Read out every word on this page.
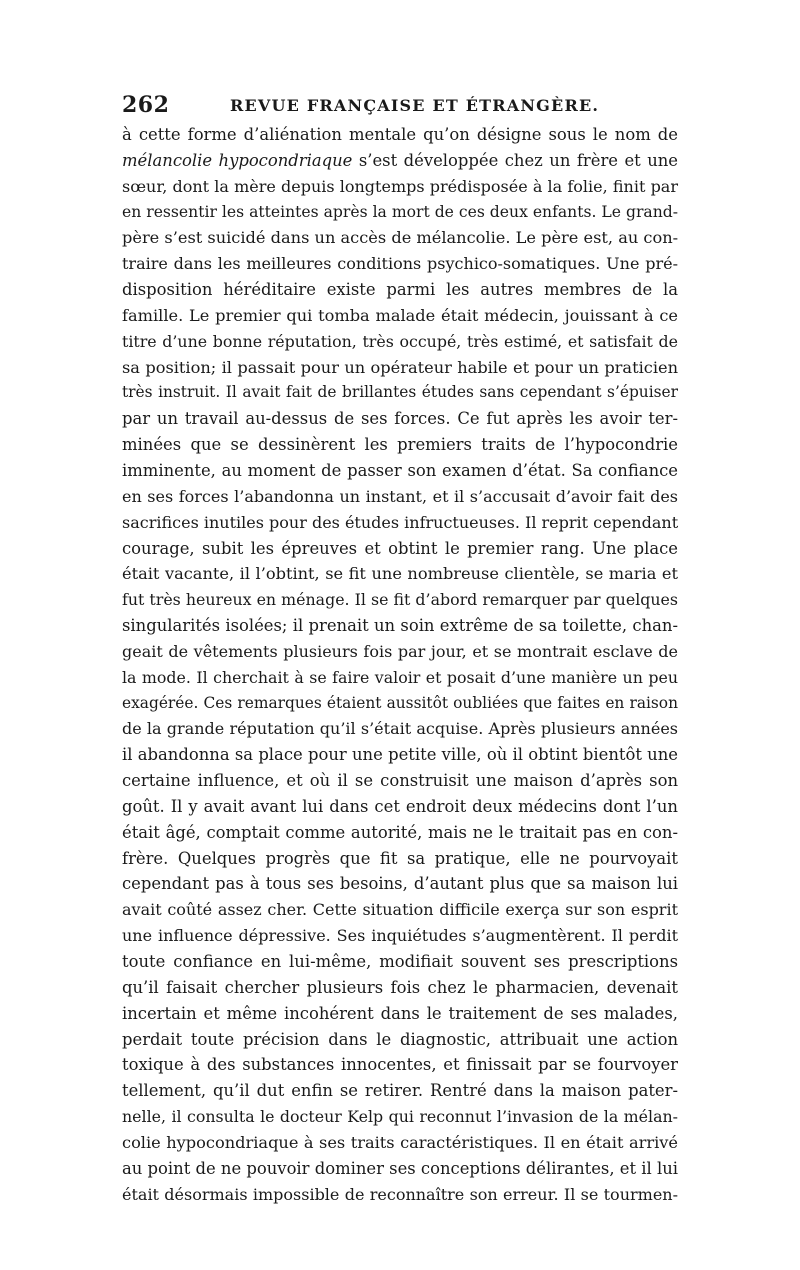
262	REVUE FRANÇAISE ET ÉTRANGÈRE.
à cette forme d’aliénation mentale qu’on désigne sous le nom de
mélancolie hypocondriaque s’est développée chez un frère et une
sœur, dont la mère depuis longtemps prédisposée à la folie, finit par
en ressentir les atteintes après la mort de ces deux enfants. Le grand-
père s’est suicidé dans un accès de mélancolie. Le père est, au con-
traire dans les meilleures conditions psychico-somatiques. Une pré-
disposition héréditaire existe parmi les autres membres de la
famille. Le premier qui tomba malade était médecin, jouissant à ce
titre d’une bonne réputation, très occupé, très estimé, et satisfait de
sa position; il passait pour un opérateur habile et pour un praticien
très instruit. Il avait fait de brillantes études sans cependant s’épuiser
par un travail au-dessus de ses forces. Ce fut après les avoir ter-
minées que se dessinèrent les premiers traits de l’hypocondrie
imminente, au moment de passer son examen d’état. Sa confiance
en ses forces l’abandonna un instant, et il s’accusait d’avoir fait des
sacrifices inutiles pour des études infructueuses. Il reprit cependant
courage, subit les épreuves et obtint le premier rang. Une place
était vacante, il l’obtint, se fit une nombreuse clientèle, se maria et
fut très heureux en ménage. Il se fit d’abord remarquer par quelques
singularités isolées; il prenait un soin extrême de sa toilette, chan-
geait de vêtements plusieurs fois par jour, et se montrait esclave de
la mode. Il cherchait à se faire valoir et posait d’une manière un peu
exagérée. Ces remarques étaient aussitôt oubliées que faites en raison
de la grande réputation qu’il s’était acquise. Après plusieurs années
il abandonna sa place pour une petite ville, où il obtint bientôt une
certaine influence, et où il se construisit une maison d’après son
goût. Il y avait avant lui dans cet endroit deux médecins dont l’un
était âgé, comptait comme autorité, mais ne le traitait pas en con-
frère. Quelques progrès que fit sa pratique, elle ne pourvoyait
cependant pas à tous ses besoins, d’autant plus que sa maison lui
avait coûté assez cher. Cette situation difficile exerça sur son esprit
une influence dépressive. Ses inquiétudes s’augmentèrent. Il perdit
toute confiance en lui-même, modifiait souvent ses prescriptions
qu’il faisait chercher plusieurs fois chez le pharmacien, devenait
incertain et même incohérent dans le traitement de ses malades,
perdait toute précision dans le diagnostic, attribuait une action
toxique à des substances innocentes, et finissait par se fourvoyer
tellement, qu’il dut enfin se retirer. Rentré dans la maison pater-
nelle, il consulta le docteur Kelp qui reconnut l’invasion de la mélan-
colie hypocondriaque à ses traits caractéristiques. Il en était arrivé
au point de ne pouvoir dominer ses conceptions délirantes, et il lui
était désormais impossible de reconnaître son erreur. Il se tourmen-
